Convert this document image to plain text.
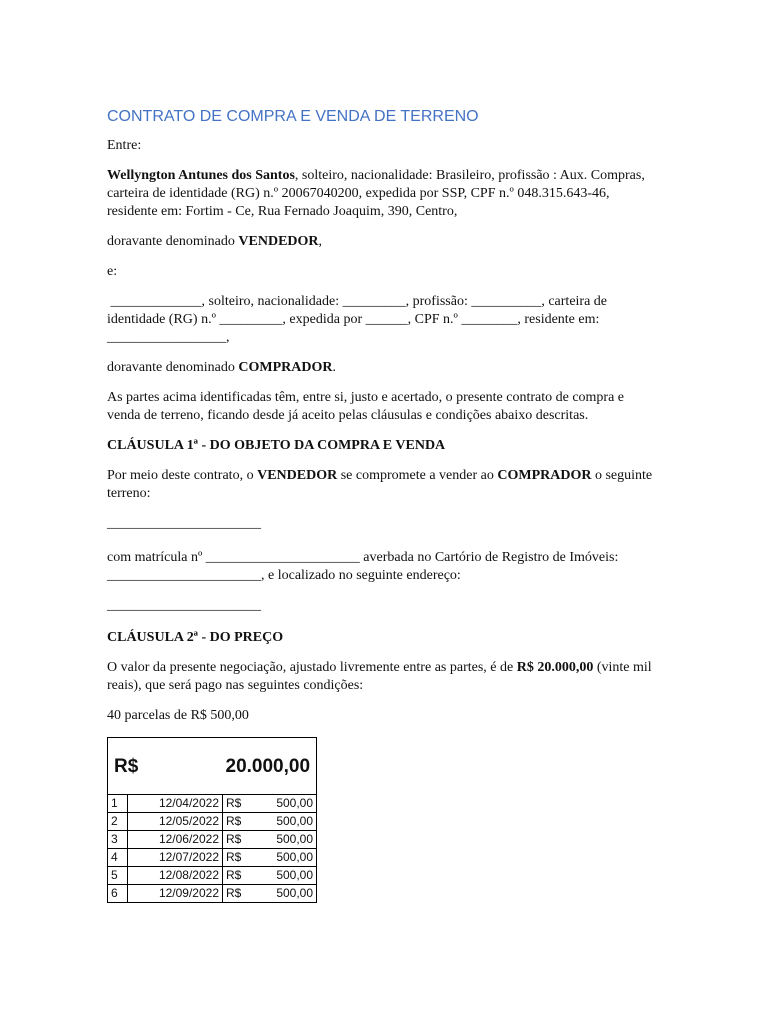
CONTRATO DE COMPRA E VENDA DE TERRENO

Entre:

Wellyngton Antunes dos Santos, solteiro, nacionalidade: Brasileiro, profissão : Aux. Compras, carteira de identidade (RG) n.º 20067040200, expedida por SSP, CPF n.º 048.315.643-46, residente em: Fortim - Ce, Rua Fernado Joaquim, 390, Centro,

doravante denominado VENDEDOR,

e:

_____________, solteiro, nacionalidade: _________, profissão: __________, carteira de identidade (RG) n.º _________, expedida por ______, CPF n.º ________, residente em: _________________,

doravante denominado COMPRADOR.

As partes acima identificadas têm, entre si, justo e acertado, o presente contrato de compra e venda de terreno, ficando desde já aceito pelas cláusulas e condições abaixo descritas.

CLÁUSULA 1ª - DO OBJETO DA COMPRA E VENDA

Por meio deste contrato, o VENDEDOR se compromete a vender ao COMPRADOR o seguinte terreno:

______________________

com matrícula nº ______________________ averbada no Cartório de Registro de Imóveis: ______________________, e localizado no seguinte endereço:

______________________

CLÁUSULA 2ª - DO PREÇO

O valor da presente negociação, ajustado livremente entre as partes, é de R$ 20.000,00 (vinte mil reais), que será pago nas seguintes condições:

40 parcelas de R$ 500,00

R$		20.000,00
1	12/04/2022	R$ 500,00

2	12/05/2022	R$ 500,00

3	12/06/2022	R$ 500,00

4	12/07/2022	R$ 500,00

5	12/08/2022	R$ 500,00

6	12/09/2022	R$ 500,00
